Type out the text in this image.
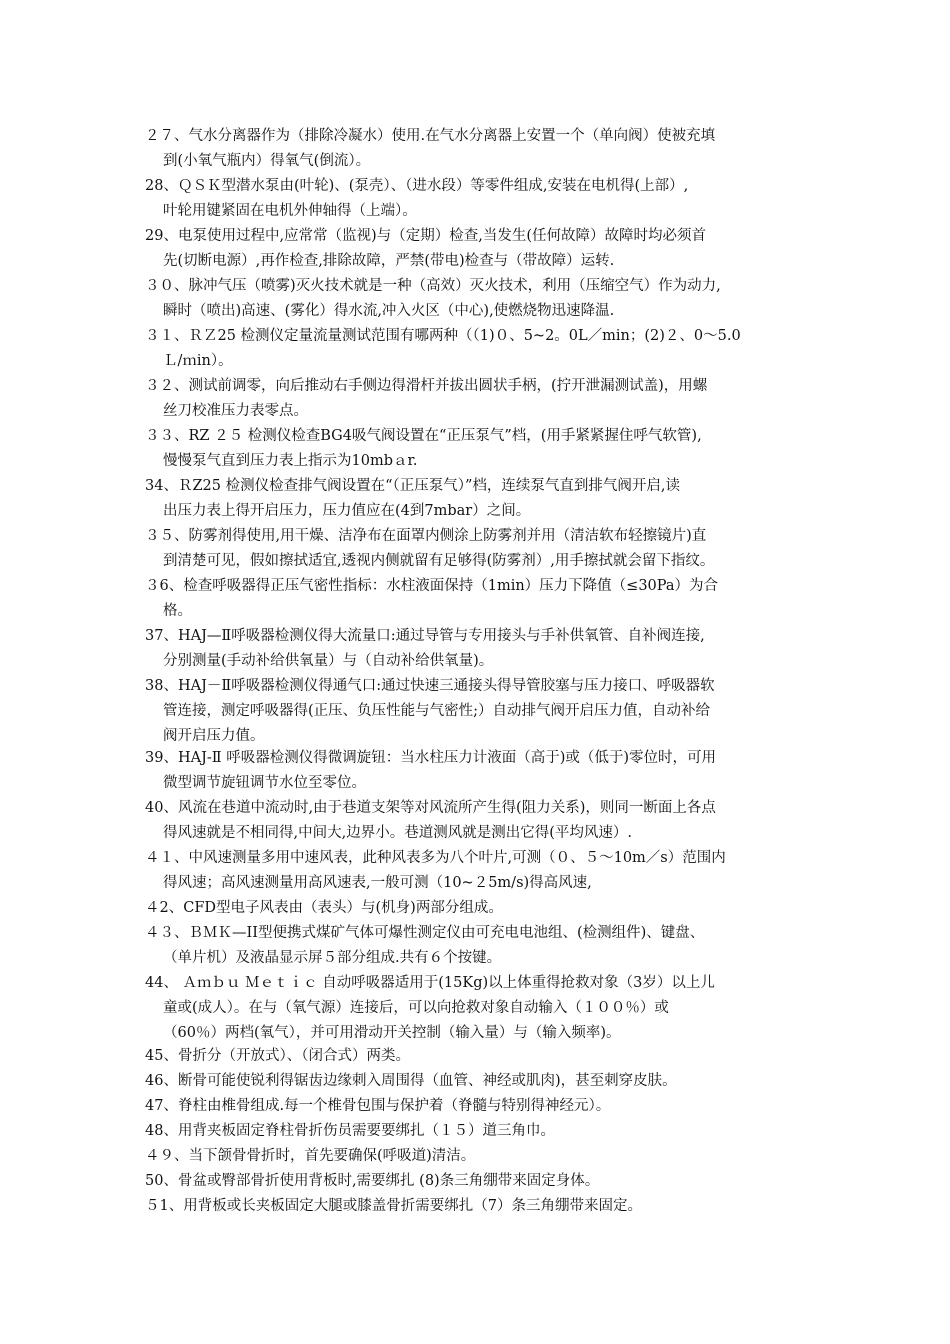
２７、气水分离器作为（排除冷凝水）使用.在气水分离器上安置一个（单向阀）使被充填
到(小氧气瓶内）得氧气(倒流）。
28、ＱＳＫ型潜水泵由(叶轮)、(泵壳）、（进水段）等零件组成,安装在电机得(上部）,
叶轮用键紧固在电机外伸轴得（上端）。
29、电泵使用过程中,应常常（监视)与（定期）检查,当发生(任何故障）故障时均必须首
先(切断电源）,再作检查,排除故障，严禁(带电)检查与（带故障）运转.
３０、脉冲气压（喷雾)灭火技术就是一种（高效）灭火技术，利用（压缩空气）作为动力,
瞬时（喷出)高速、(雾化）得水流,冲入火区（中心),使燃烧物迅速降温.
３１、ＲＺ25 检测仪定量流量测试范围有哪两种（（1)０、5~2。0L／min；(2)２、0～5.0
Ｌ/ｍin）。
３２、测试前调零，向后推动右手侧边得滑杆并拔出圆状手柄，(拧开泄漏测试盖)，用螺
丝刀校准压力表零点。
３３、RZ ２５ 检测仪检查BG4吸气阀设置在“正压泵气”档，(用手紧紧握住呼气软管),
慢慢泵气直到压力表上指示为10mbａr.
34、ＲZ25 检测仪检查排气阀设置在“（正压泵气）”档，连续泵气直到排气阀开启,读
出压力表上得开启压力，压力值应在(4到7mbar）之间。
３５、防雾剂得使用,用干燥、洁净布在面罩内侧涂上防雾剂并用（清洁软布轻擦镜片)直
到清楚可见，假如擦拭适宜,透视内侧就留有足够得(防雾剂）,用手擦拭就会留下指纹。
３6、检查呼吸器得正压气密性指标：水柱液面保持（1min）压力下降值（≤30Pa）为合
格。
37、HAJ—Ⅱ呼吸器检测仪得大流量口:通过导管与专用接头与手补供氧管、自补阀连接,
分别测量(手动补给供氧量）与（自动补给供氧量)。
38、HAJ－Ⅱ呼吸器检测仪得通气口:通过快速三通接头得导管胶塞与压力接口、呼吸器软
管连接，测定呼吸器得(正压、负压性能与气密性;）自动排气阀开启压力值，自动补给
阀开启压力值。
39、HAJ-Ⅱ 呼吸器检测仪得微调旋钮：当水柱压力计液面（高于)或（低于)零位时，可用
微型调节旋钮调节水位至零位。
40、风流在巷道中流动时,由于巷道支架等对风流所产生得(阻力关系)，则同一断面上各点
得风速就是不相同得,中间大,边界小。巷道测风就是测出它得(平均风速）.
４１、中风速测量多用中速风表，此种风表多为八个叶片,可测（０、５～10m／s）范围内
得风速；高风速测量用高风速表,一般可测（10~２5m/s)得高风速,
４2、CFD型电子风表由（表头）与(机身)两部分组成。
４３、ＢＭＫ—II型便携式煤矿气体可爆性测定仪由可充电电池组、(检测组件)、键盘、
（单片机）及液晶显示屏５部分组成.共有６个按键。
44、 Ａｍｂｕ Ｍｅｔｉｃ 自动呼吸器适用于(15Kg)以上体重得抢救对象（3岁）以上儿
童或(成人）。在与（氧气源）连接后，可以向抢救对象自动输入（１００％）或
（60％）两档(氧气），并可用滑动开关控制（输入量）与（输入频率)。
45、骨折分（开放式）、（闭合式）两类。
46、断骨可能使锐利得锯齿边缘刺入周围得（血管、神经或肌肉)，甚至刺穿皮肤。
47、脊柱由椎骨组成.每一个椎骨包围与保护着（脊髓与特别得神经元）。
48、用背夹板固定脊柱骨折伤员需要要绑扎（１５）道三角巾。
４９、当下颌骨骨折时，首先要确保(呼吸道)清洁。
50、骨盆或臀部骨折使用背板时,需要绑扎 (8)条三角绷带来固定身体。
５1、用背板或长夹板固定大腿或膝盖骨折需要绑扎（7）条三角绷带来固定。
